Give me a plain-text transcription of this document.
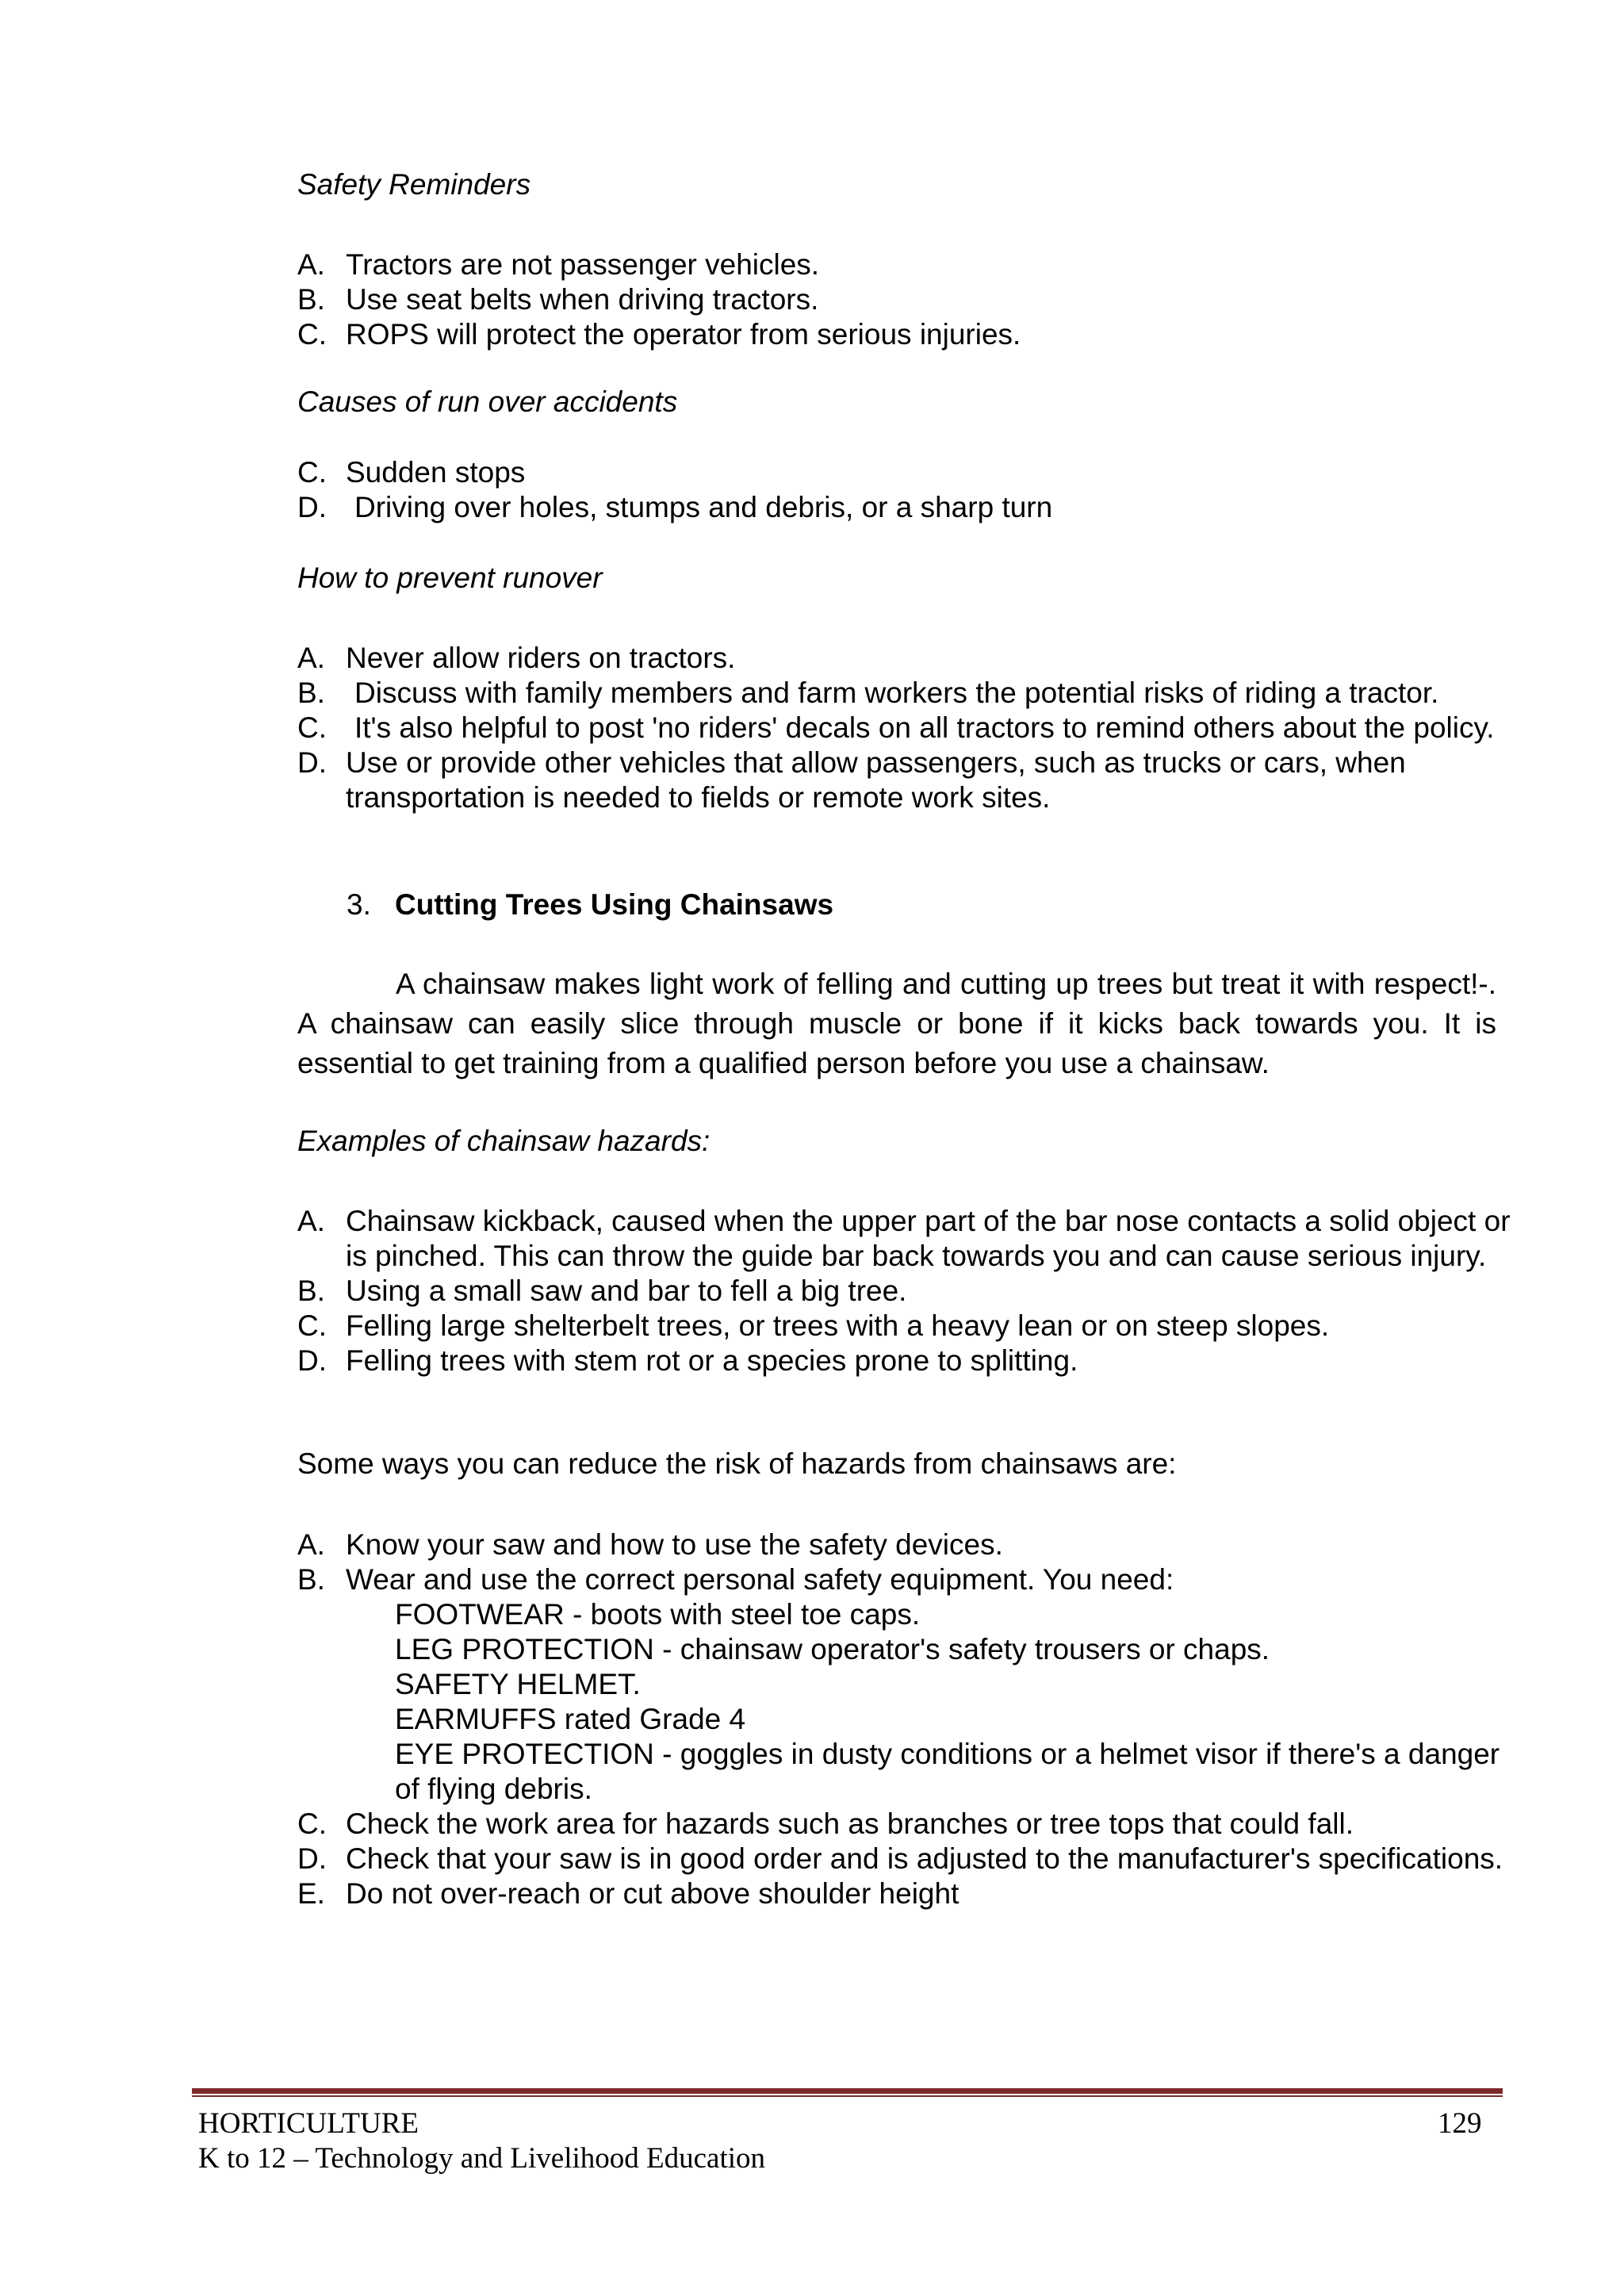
Safety Reminders
A. Tractors are not passenger vehicles.
B. Use seat belts when driving tractors.
C. ROPS will protect the operator from serious injuries.
Causes of run over accidents
C. Sudden stops
D. Driving over holes, stumps and debris, or a sharp turn
How to prevent runover
A. Never allow riders on tractors.
B. Discuss with family members and farm workers the potential risks of riding a tractor.
C. It's also helpful to post 'no riders' decals on all tractors to remind others about the policy.
D. Use or provide other vehicles that allow passengers, such as trucks or cars, when transportation is needed to fields or remote work sites.
3. Cutting Trees Using Chainsaws
A chainsaw makes light work of felling and cutting up trees but treat it with respect!-. A chainsaw can easily slice through muscle or bone if it kicks back towards you. It is essential to get training from a qualified person before you use a chainsaw.
Examples of chainsaw hazards:
A. Chainsaw kickback, caused when the upper part of the bar nose contacts a solid object or is pinched. This can throw the guide bar back towards you and can cause serious injury.
B. Using a small saw and bar to fell a big tree.
C. Felling large shelterbelt trees, or trees with a heavy lean or on steep slopes.
D. Felling trees with stem rot or a species prone to splitting.
Some ways you can reduce the risk of hazards from chainsaws are:
A. Know your saw and how to use the safety devices.
B. Wear and use the correct personal safety equipment. You need:
FOOTWEAR - boots with steel toe caps.
LEG PROTECTION - chainsaw operator's safety trousers or chaps.
SAFETY HELMET.
EARMUFFS rated Grade 4
EYE PROTECTION - goggles in dusty conditions or a helmet visor if there's a danger of flying debris.
C. Check the work area for hazards such as branches or tree tops that could fall.
D. Check that your saw is in good order and is adjusted to the manufacturer's specifications.
E. Do not over-reach or cut above shoulder height
HORTICULTURE	129
K to 12 – Technology and Livelihood Education
